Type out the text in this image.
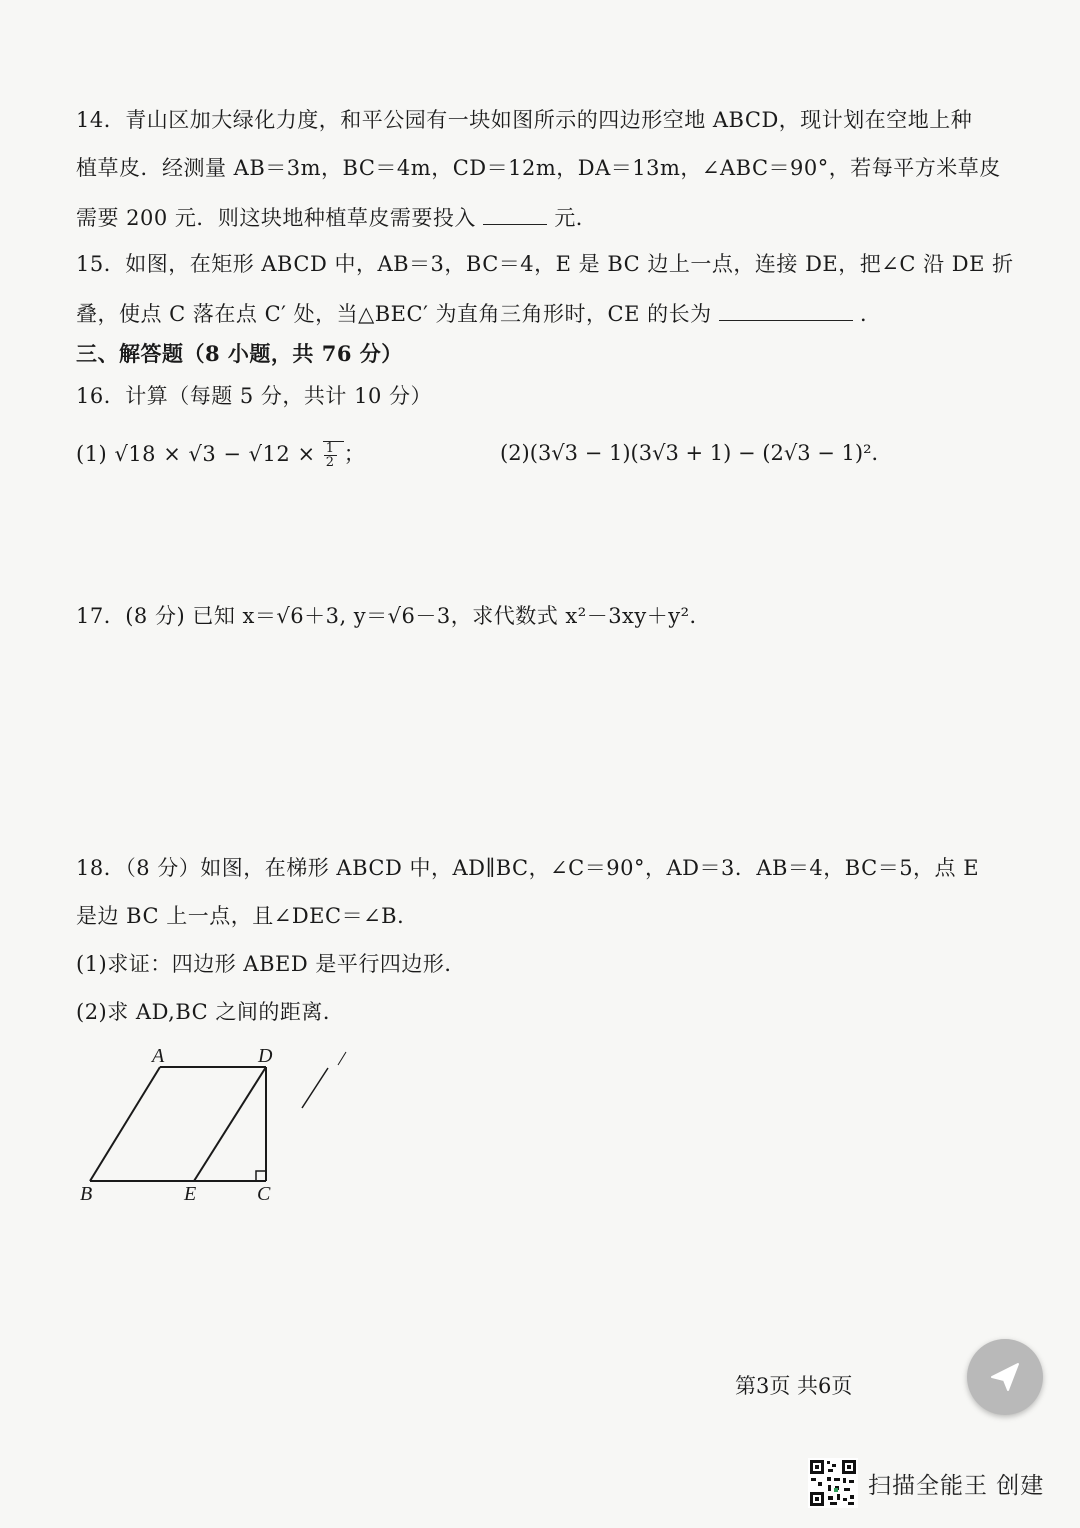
14．青山区加大绿化力度，和平公园有一块如图所示的四边形空地 ABCD，现计划在空地上种
植草皮．经测量 AB＝3m，BC＝4m，CD＝12m，DA＝13m，∠ABC＝90°，若每平方米草皮
需要 200 元．则这块地种植草皮需要投入	元．
15．如图，在矩形 ABCD 中，AB＝3，BC＝4，E 是 BC 边上一点，连接 DE，把∠C 沿 DE 折
叠，使点 C 落在点 C′ 处，当△BEC′ 为直角三角形时，CE 的长为	．
三、解答题（8 小题，共 76 分）
16．计算（每题 5 分，共计 10 分）
(1) $√18 \times √3 - √12 \times \frac{1}{2}$ ；	(2)(3√3 − 1)(3√3 + 1) − (2√3 − 1)²．
17．(8 分) 已知 x＝√6＋3, y＝√6－3，求代数式 x²－3xy＋y²．
18．（8 分）如图，在梯形 ABCD 中，AD∥BC，∠C＝90°，AD＝3．AB＝4，BC＝5，点 E
是边 BC 上一点，且∠DEC＝∠B．
(1)求证：四边形 ABED 是平行四边形．
(2)求 AD,BC 之间的距离．
A	D
B	E	C
第3页 共6页
扫描全能王 创建
